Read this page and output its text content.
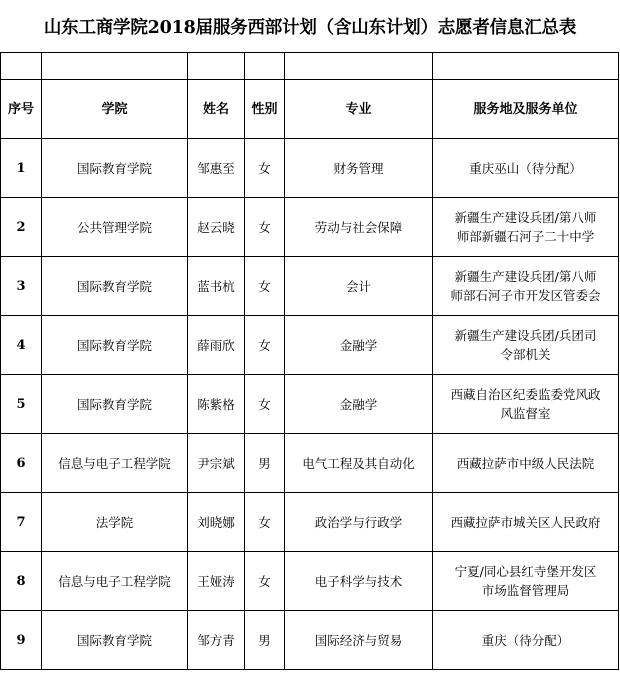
山东工商学院2018届服务西部计划（含山东计划）志愿者信息汇总表

序号	学院	姓名	性别	专业	服务地及服务单位
1	国际教育学院	邹惠至	女	财务管理	重庆巫山（待分配）

2	公共管理学院	赵云晓	女	劳动与社会保障	新疆生产建设兵团/第八师
师部新疆石河子二十中学

3	国际教育学院	蓝书杭	女	会计	新疆生产建设兵团/第八师
师部石河子市开发区管委会

4	国际教育学院	薛雨欣	女	金融学	新疆生产建设兵团/兵团司
令部机关

5	国际教育学院	陈紫格	女	金融学	西藏自治区纪委监委党风政
风监督室

6	信息与电子工程学院	尹宗斌	男	电气工程及其自动化	西藏拉萨市中级人民法院

7	法学院	刘晓娜	女	政治学与行政学	西藏拉萨市城关区人民政府

8	信息与电子工程学院	王娅涛	女	电子科学与技术	宁夏/同心县红寺堡开发区
市场监督管理局

9	国际教育学院	邹方青	男	国际经济与贸易	重庆（待分配）
